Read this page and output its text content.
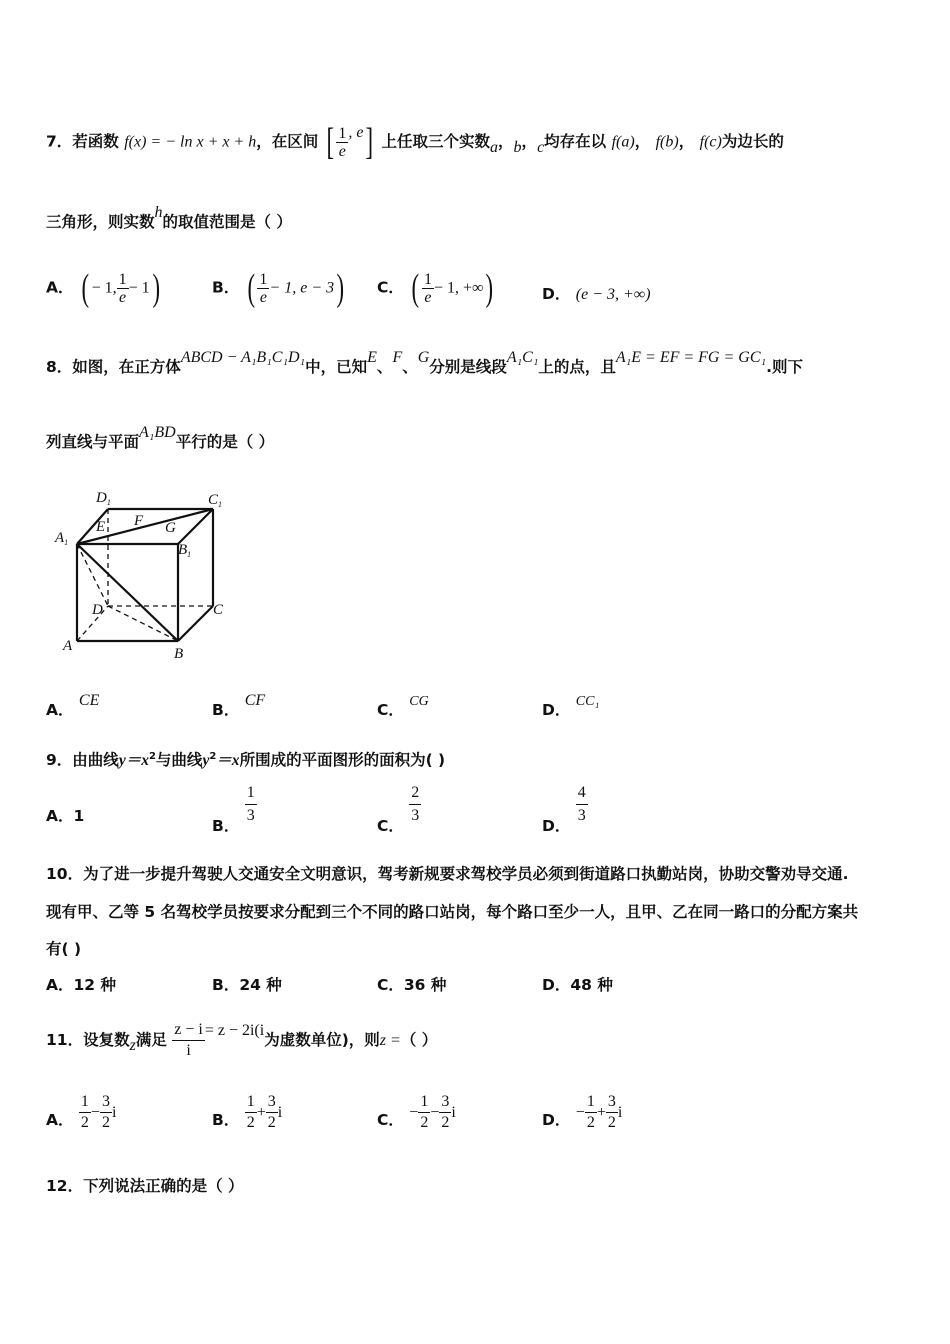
7．若函数 f(x) = − ln x + x + h，在区间 [ $\frac{1}{e}$ , e] 上任取三个实数a，b，c均存在以 f(a)， f(b)， f(c)为边长的
三角形，则实数h的取值范围是（ ）
A． ( − 1, $\frac{1}{e} - 1$)	B． ( $\frac{1}{e} - 1$, e − 3) C． ( $\frac{1}{e} - 1$, +∞)	D． (e − 3, +∞)
8．如图，在正方体ABCD − A₁B₁C₁D₁中，已知E、F、G分别是线段A₁C₁上的点，且A₁E = EF = FG = GC₁.则下
列直线与平面A₁BD平行的是（ ）
$D_1$	$C_1$
$A_1$	$B_1$
E F G
D	C
A	B
A． CE
B． CF
C． CG	D． CC₁
9．由曲线$y=x^2$与曲线$y^2=x$所围成的平面图形的面积为( )
A．1
B． $\frac{1}{3}$	C． $\frac{2}{3}$	D． $\frac{4}{3}$
10．为了进一步提升驾驶人交通安全文明意识，驾考新规要求驾校学员必须到街道路口执勤站岗，协助交警劝导交通.
现有甲、乙等 5 名驾校学员按要求分配到三个不同的路口站岗，每个路口至少一人，且甲、乙在同一路口的分配方案共
有( )
A．12 种	B．24 种	C．36 种	D．48 种
11．设复数z满足 $\frac{z - i}{i} = z - 2i(i$为虚数单位)，则z =（ ）
A． $\frac{1}{2} - \frac{3}{2}$ i	B． $\frac{1}{2} + \frac{3}{2}$ i	C． − $\frac{1}{2} - \frac{3}{2}$ i	D． − $\frac{1}{2} + \frac{3}{2}$ i
12．下列说法正确的是（ ）
